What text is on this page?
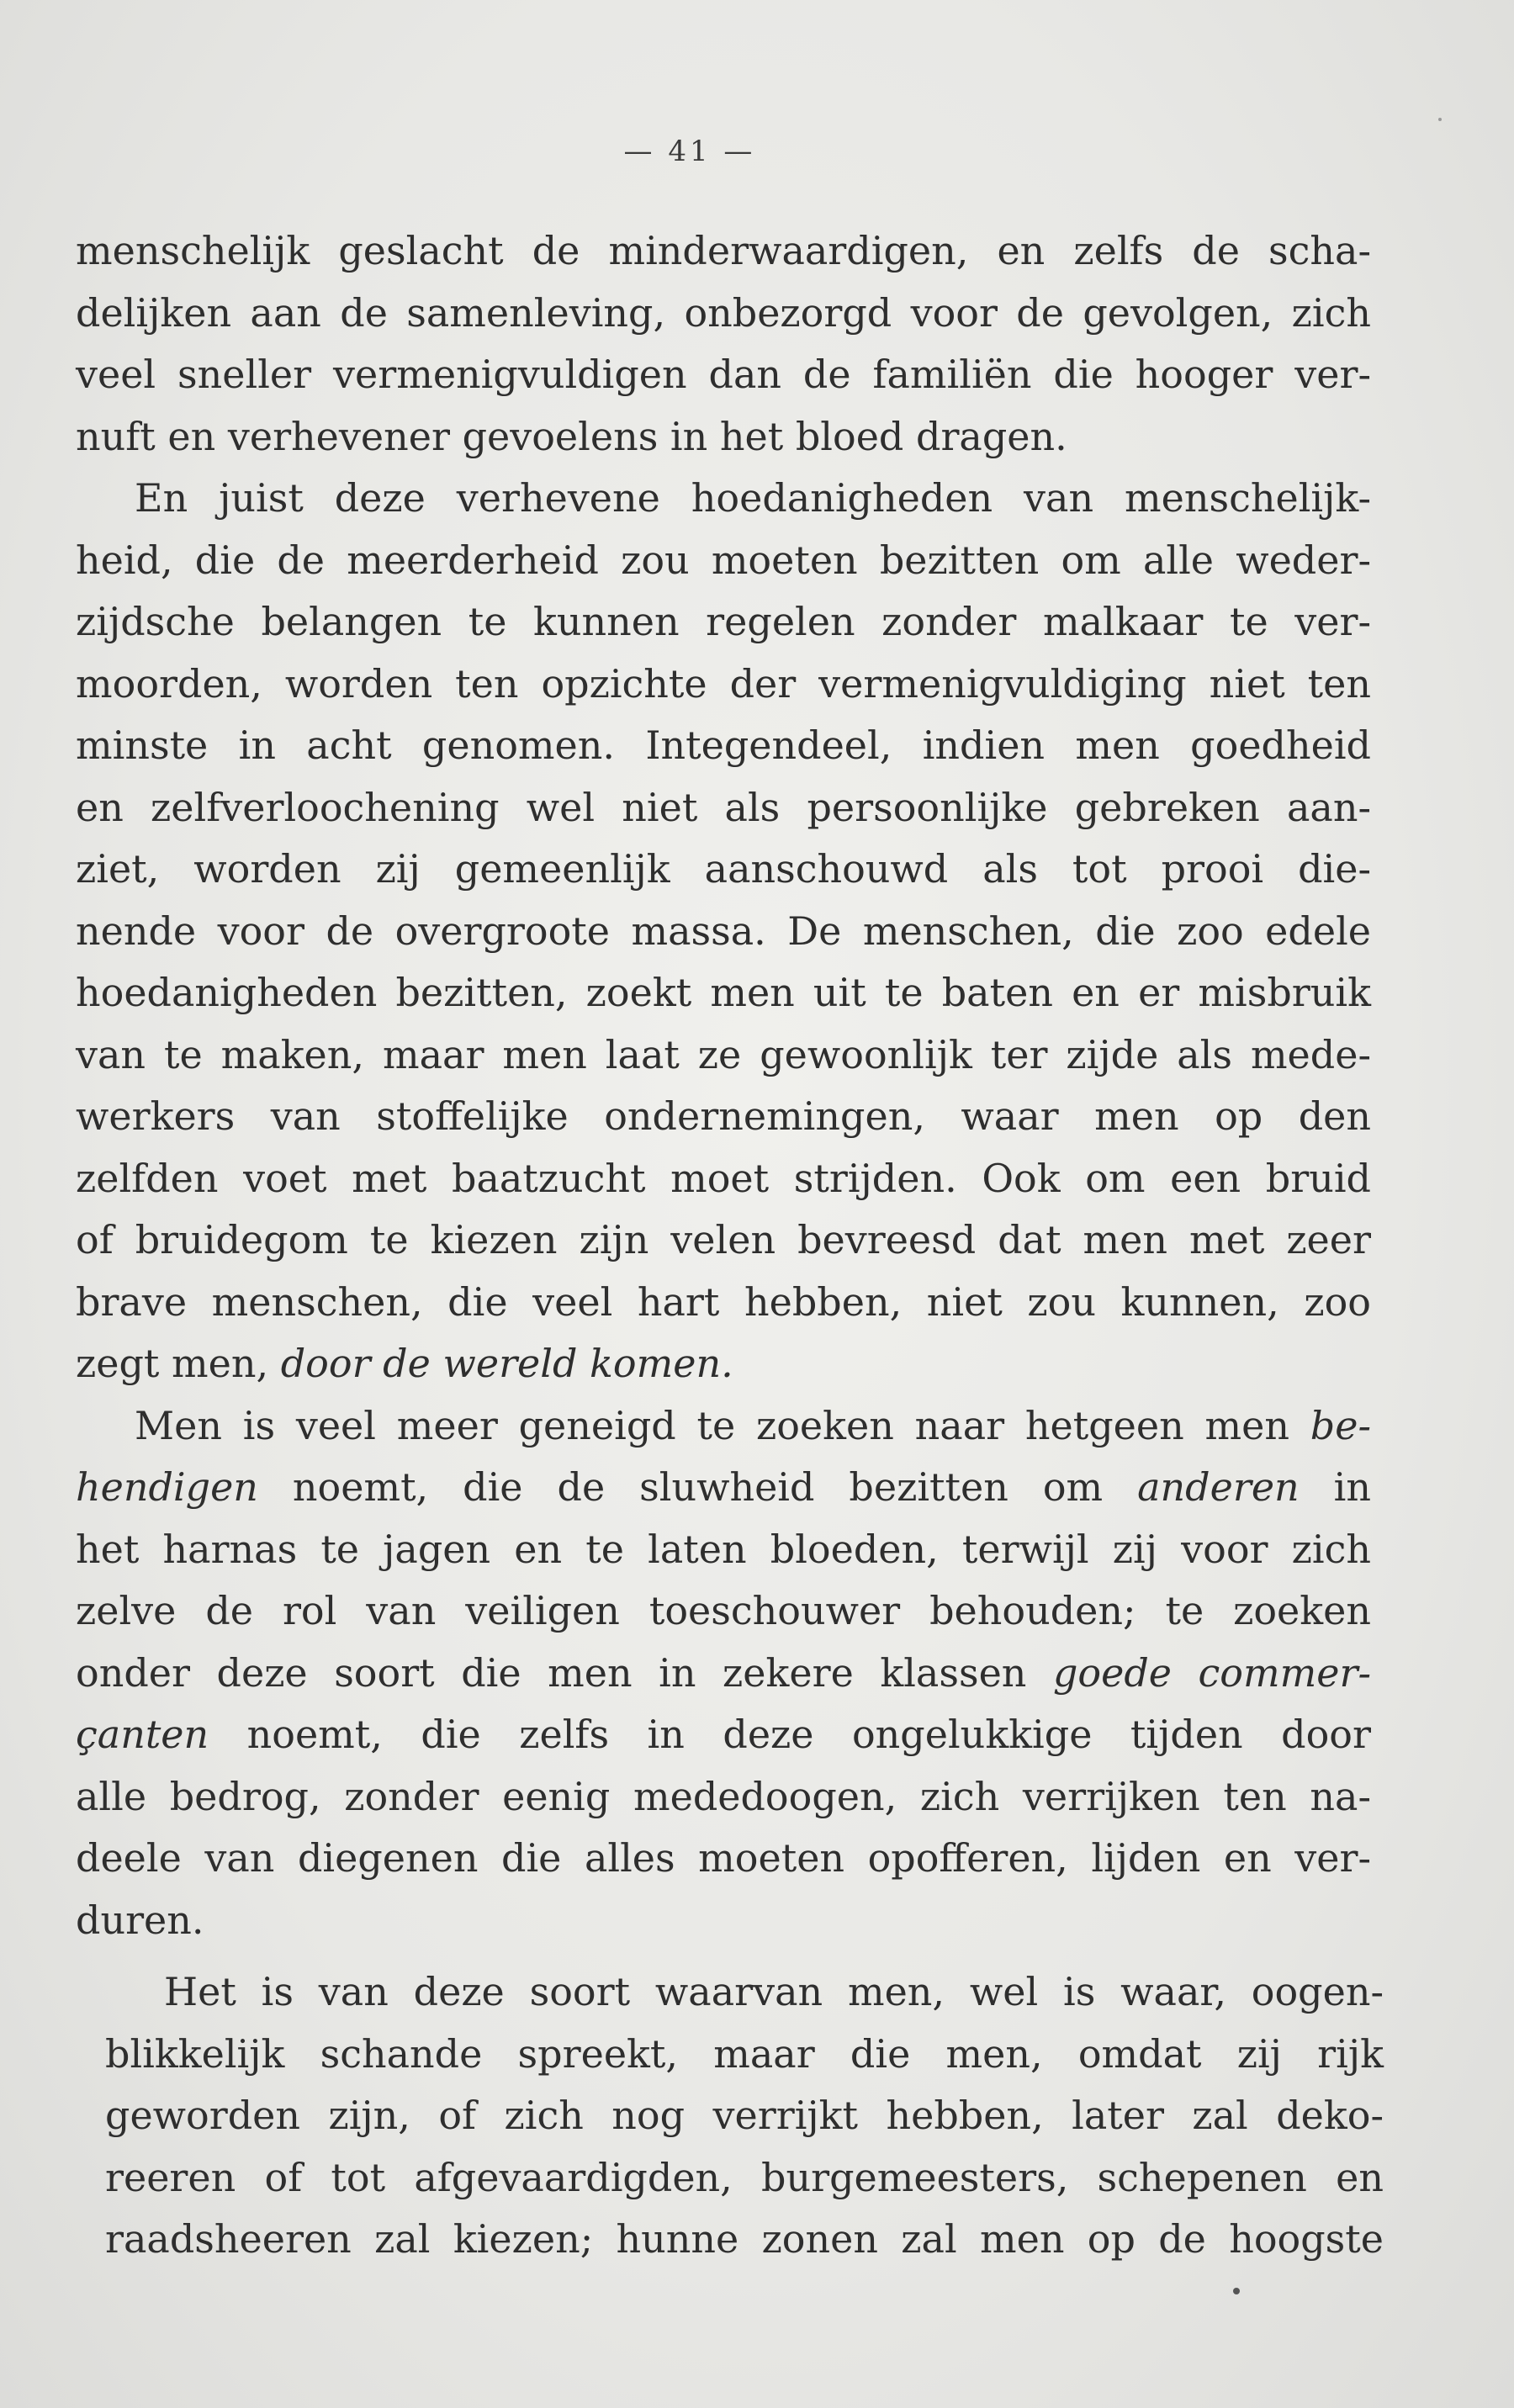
— 41 —
menschelijk geslacht de minderwaardigen, en zelfs de scha-
delijken aan de samenleving, onbezorgd voor de gevolgen, zich
veel sneller vermenigvuldigen dan de familiën die hooger ver-
nuft en verhevener gevoelens in het bloed dragen.
En juist deze verhevene hoedanigheden van menschelijk-
heid, die de meerderheid zou moeten bezitten om alle weder-
zijdsche belangen te kunnen regelen zonder malkaar te ver-
moorden, worden ten opzichte der vermenigvuldiging niet ten
minste in acht genomen. Integendeel, indien men goedheid
en zelfverloochening wel niet als persoonlijke gebreken aan-
ziet, worden zij gemeenlijk aanschouwd als tot prooi die-
nende voor de overgroote massa. De menschen, die zoo edele
hoedanigheden bezitten, zoekt men uit te baten en er misbruik
van te maken, maar men laat ze gewoonlijk ter zijde als mede-
werkers van stoffelijke ondernemingen, waar men op den
zelfden voet met baatzucht moet strijden. Ook om een bruid
of bruidegom te kiezen zijn velen bevreesd dat men met zeer
brave menschen, die veel hart hebben, niet zou kunnen, zoo
zegt men, door de wereld komen.
Men is veel meer geneigd te zoeken naar hetgeen men be-
hendigen noemt, die de sluwheid bezitten om anderen in
het harnas te jagen en te laten bloeden, terwijl zij voor zich
zelve de rol van veiligen toeschouwer behouden; te zoeken
onder deze soort die men in zekere klassen goede commer-
çanten noemt, die zelfs in deze ongelukkige tijden door
alle bedrog, zonder eenig mededoogen, zich verrijken ten na-
deele van diegenen die alles moeten opofferen, lijden en ver-
duren.
Het is van deze soort waarvan men, wel is waar, oogen-
blikkelijk schande spreekt, maar die men, omdat zij rijk
geworden zijn, of zich nog verrijkt hebben, later zal deko-
reeren of tot afgevaardigden, burgemeesters, schepenen en
raadsheeren zal kiezen; hunne zonen zal men op de hoogste
